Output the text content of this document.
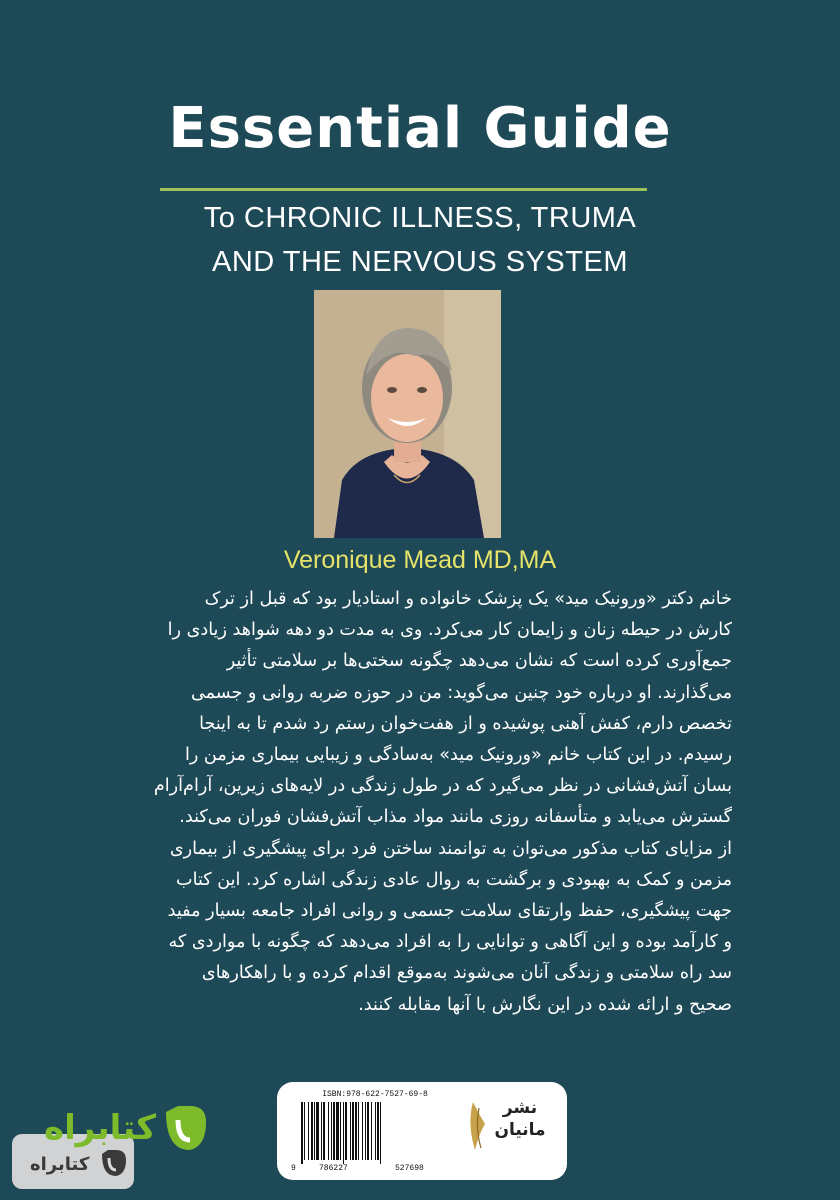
Essential Guide
To CHRONIC ILLNESS, TRUMA
AND THE NERVOUS SYSTEM
Veronique Mead MD,MA
خانم دکتر «ورونیک مید» یک پزشک خانواده و استادیار بود که قبل از ترک
کارش در حیطه زنان و زایمان کار می‌کرد. وی به مدت دو دهه شواهد زیادی را
جمع‌آوری کرده است که نشان می‌دهد چگونه سختی‌ها بر سلامتی تأثیر
می‌گذارند. او درباره خود چنین می‌گوید: من در حوزه ضربه روانی و جسمی
تخصص دارم، کفش آهنی پوشیده و از هفت‌خوان رستم رد شدم تا به اینجا
رسیدم. در این کتاب خانم «ورونیک مید» به‌سادگی و زیبایی بیماری مزمن را
بسان آتش‌فشانی در نظر می‌گیرد که در طول زندگی در لایه‌های زیرین، آرام‌آرام
گسترش می‌یابد و متأسفانه روزی مانند مواد مذاب آتش‌فشان فوران می‌کند.
از مزایای کتاب مذکور می‌توان به توانمند ساختن فرد برای پیشگیری از بیماری
مزمن و کمک به بهبودی و برگشت به روال عادی زندگی اشاره کرد. این کتاب
جهت پیشگیری، حفظ وارتقای سلامت جسمی و روانی افراد جامعه بسیار مفید
و کارآمد بوده و این آگاهی و توانایی را به افراد می‌دهد که چگونه با مواردی که
سد راه سلامتی و زندگی آنان می‌شوند به‌موقع اقدام کرده و با راهکارهای
صحیح و ارائه شده در این نگارش با آنها مقابله کنند.
ISBN:978-622-7527-69-8
9	786227	527698
نشر
مانیان
کتابراه
کتابراه
